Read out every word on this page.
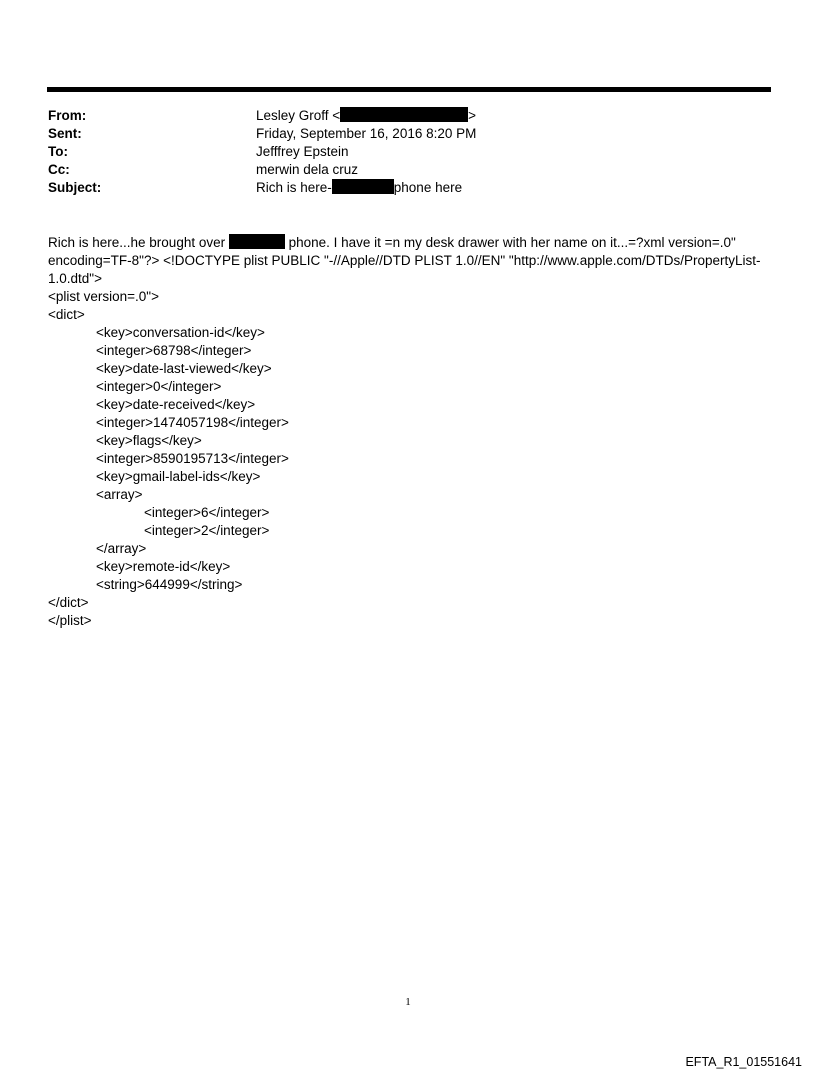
From:	Lesley Groff <	>
Sent:	Friday, September 16, 2016 8:20 PM
To:	Jefffrey Epstein
Cc:	merwin dela cruz
Subject:	Rich is here-	phone here

Rich is here...he brought over	phone. I have it =n my desk drawer with her name on it...=?xml version=.0" encoding=TF-8"?> <!DOCTYPE plist PUBLIC "-//Apple//DTD PLIST 1.0//EN" "http://www.apple.com/DTDs/PropertyList-1.0.dtd">

<plist version=.0">
<dict>
<key>conversation-id</key>
<integer>68798</integer>
<key>date-last-viewed</key>
<integer>0</integer>
<key>date-received</key>
<integer>1474057198</integer>
<key>flags</key>
<integer>8590195713</integer>
<key>gmail-label-ids</key>
<array>
<integer>6</integer>
<integer>2</integer>
</array>
<key>remote-id</key>
<string>644999</string>
</dict>
</plist>
1
EFTA_R1_01551641
